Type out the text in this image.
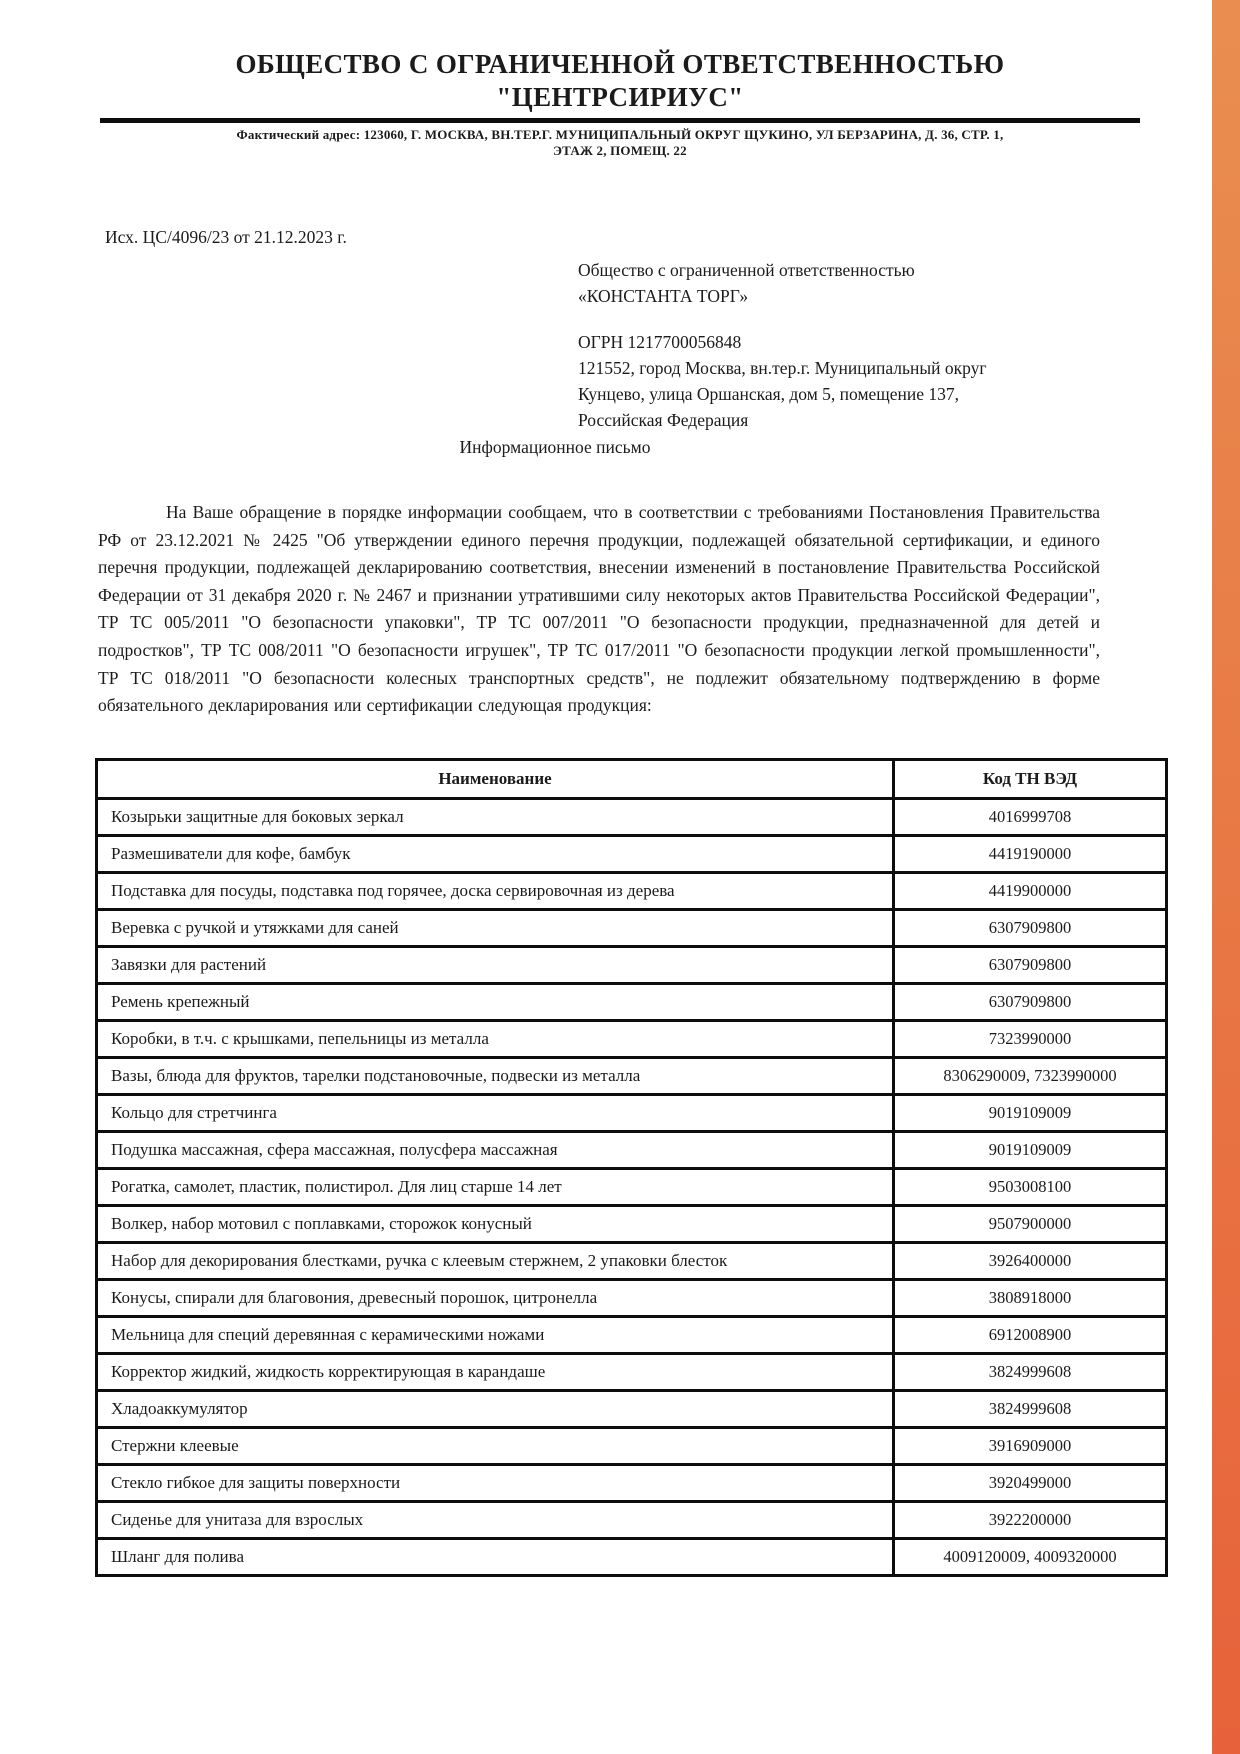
ОБЩЕСТВО С ОГРАНИЧЕННОЙ ОТВЕТСТВЕННОСТЬЮ
"ЦЕНТРСИРИУС"
Фактический адрес: 123060, Г. МОСКВА, ВН.ТЕР.Г. МУНИЦИПАЛЬНЫЙ ОКРУГ ЩУКИНО, УЛ БЕРЗАРИНА, Д. 36, СТР. 1,
ЭТАЖ 2, ПОМЕЩ. 22
Исх. ЦС/4096/23 от 21.12.2023 г.
Общество с ограниченной ответственностью
«КОНСТАНТА ТОРГ»
ОГРН 1217700056848
121552, город Москва, вн.тер.г. Муниципальный округ
Кунцево, улица Оршанская, дом 5, помещение 137,
Российская Федерация
Информационное письмо
На Ваше обращение в порядке информации сообщаем, что в соответствии с требованиями Постановления Правительства РФ от 23.12.2021 № 2425 "Об утверждении единого перечня продукции, подлежащей обязательной сертификации, и единого перечня продукции, подлежащей декларированию соответствия, внесении изменений в постановление Правительства Российской Федерации от 31 декабря 2020 г. № 2467 и признании утратившими силу некоторых актов Правительства Российской Федерации", ТР ТС 005/2011 "О безопасности упаковки", ТР ТС 007/2011 "О безопасности продукции, предназначенной для детей и подростков", ТР ТС 008/2011 "О безопасности игрушек", ТР ТС 017/2011 "О безопасности продукции легкой промышленности", ТР ТС 018/2011 "О безопасности колесных транспортных средств", не подлежит обязательному подтверждению в форме обязательного декларирования или сертификации следующая продукция:
Наименование	Код ТН ВЭД
Козырьки защитные для боковых зеркал	4016999708
Размешиватели для кофе, бамбук	4419190000
Подставка для посуды, подставка под горячее, доска сервировочная из дерева	4419900000
Веревка с ручкой и утяжками для саней	6307909800
Завязки для растений	6307909800
Ремень крепежный	6307909800
Коробки, в т.ч. с крышками, пепельницы из металла	7323990000
Вазы, блюда для фруктов, тарелки подстановочные, подвески из металла	8306290009, 7323990000
Кольцо для стретчинга	9019109009
Подушка массажная, сфера массажная, полусфера массажная	9019109009
Рогатка, самолет, пластик, полистирол. Для лиц старше 14 лет	9503008100
Волкер, набор мотовил с поплавками, сторожок конусный	9507900000
Набор для декорирования блестками, ручка с клеевым стержнем, 2 упаковки блесток	3926400000
Конусы, спирали для благовония, древесный порошок, цитронелла	3808918000
Мельница для специй деревянная с керамическими ножами	6912008900
Корректор жидкий, жидкость корректирующая в карандаше	3824999608
Хладоаккумулятор	3824999608
Стержни клеевые	3916909000
Стекло гибкое для защиты поверхности	3920499000
Сиденье для унитаза для взрослых	3922200000
Шланг для полива	4009120009, 4009320000
